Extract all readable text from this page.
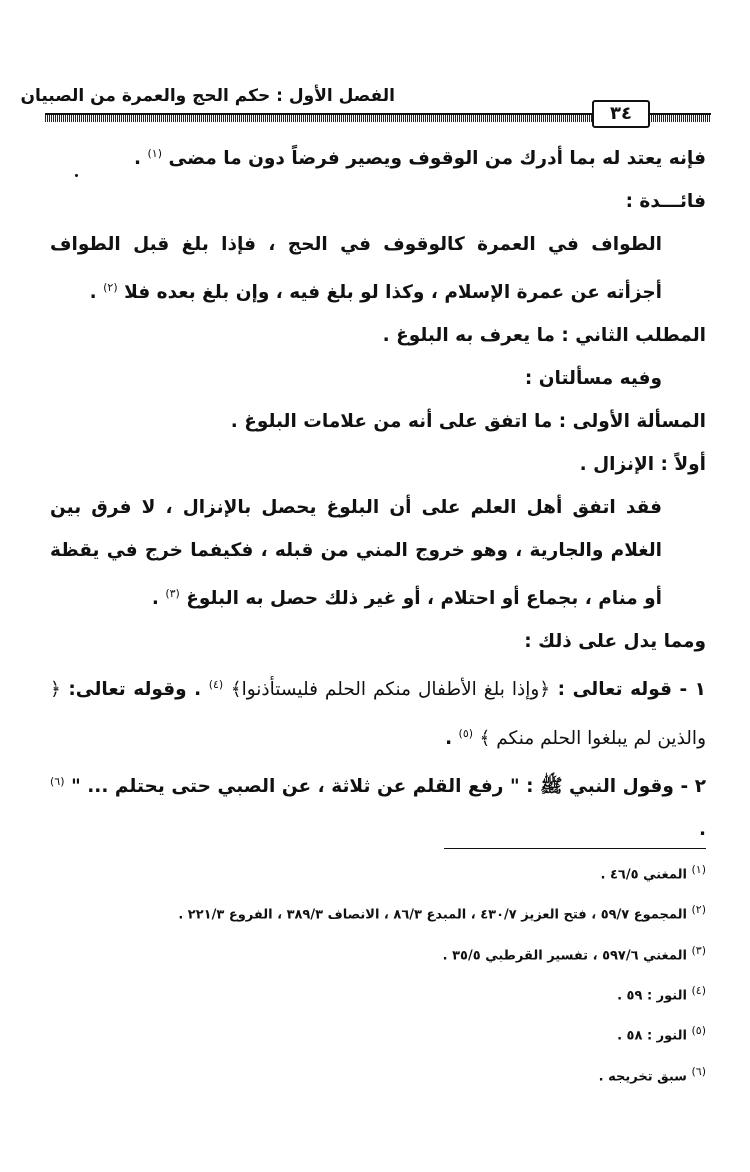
الفصل الأول : حكم الحج والعمرة من الصبيان
٣٤

فإنه يعتد له بما أدرك من الوقوف ويصير فرضاً دون ما مضى $^{(١)}$ .

فائـــدة :

الطواف في العمرة كالوقوف في الحج ، فإذا بلغ قبل الطواف أجزأته عن عمرة الإسلام ، وكذا لو بلغ فيه ، وإن بلغ بعده فلا $^{(٢)}$ .

المطلب الثاني : ما يعرف به البلوغ .

وفيه مسألتان :

المسألة الأولى : ما اتفق على أنه من علامات البلوغ .

أولاً : الإنزال .

فقد اتفق أهل العلم على أن البلوغ يحصل بالإنزال ، لا فرق بين الغلام والجارية ، وهو خروج المني من قبله ، فكيفما خرج في يقظة أو منام ، بجماع أو احتلام ، أو غير ذلك حصل به البلوغ $^{(٣)}$ .

ومما يدل على ذلك :

١ - قوله تعالى : ﴿وإذا بلغ الأطفال منكم الحلم فليستأذنوا﴾ $^{(٤)}$ . وقوله تعالى: ﴿ والذين لم يبلغوا الحلم منكم ﴾ $^{(٥)}$ .

٢ - وقول النبي ﷺ : " رفع القلم عن ثلاثة ، عن الصبي حتى يحتلم ... " $^{(٦)}$ .

$^{(١)}$ المغني ٤٦/٥ .

$^{(٢)}$ المجموع ٥٩/٧ ، فتح العزيز ٤٣٠/٧ ، المبدع ٨٦/٣ ، الانصاف ٣٨٩/٣ ، الفروع ٢٢١/٣ .

$^{(٣)}$ المغني ٥٩٧/٦ ، تفسير القرطبي ٣٥/٥ .

$^{(٤)}$ النور : ٥٩ .

$^{(٥)}$ النور : ٥٨ .

$^{(٦)}$ سبق تخريجه .
